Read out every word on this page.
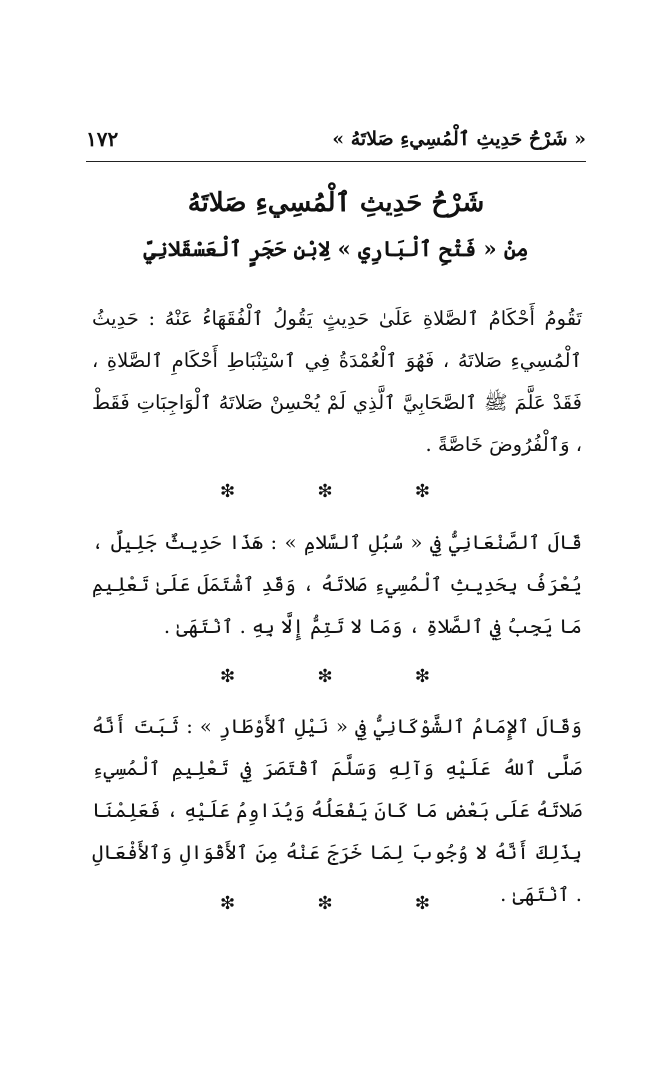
١٧٢	« شَرْحُ حَدِيثِ ٱلْمُسِيءِ صَلاتَهُ »
شَرْحُ حَدِيثِ ٱلْمُسِيءِ صَلاتَهُ
مِنْ « فَتْحِ ٱلْبَارِي » لِابْنِ حَجَرٍ ٱلْعَسْقَلانِيِّ

تَقُومُ أَحْكَامُ ٱلصَّلاةِ عَلَىٰ حَدِيثٍ يَقُولُ ٱلْفُقَهَاءُ عَنْهُ : حَدِيثُ ٱلْمُسِيءِ صَلاتَهُ ، فَهُوَ ٱلْعُمْدَةُ فِي ٱسْتِنْبَاطِ أَحْكَامِ ٱلصَّلاةِ ، فَقَدْ عَلَّمَ ﷺ ٱلصَّحَابِيَّ ٱلَّذِي لَمْ يُحْسِنْ صَلاتَهُ ٱلْوَاجِبَاتِ فَقَطْ ، وَٱلْفُرُوضَ خَاصَّةً .

❇	❇	❇

قَالَ ٱلصَّنْعَانِيُّ فِي « سُبُلِ ٱلسَّلامِ » : هَذَا حَدِيثٌ جَلِيلٌ ، يُعْرَفُ بِحَدِيثِ ٱلْمُسِيءِ صَلاتَهُ ، وَقَدِ ٱشْتَمَلَ عَلَىٰ تَعْلِيمِ مَا يَجِبُ فِي ٱلصَّلاةِ ، وَمَا لا تَتِمُّ إِلَّا بِهِ . ٱنْتَهَىٰ .

❇	❇	❇

وَقَالَ ٱلإِمَامُ ٱلشَّوْكَانِيُّ فِي « نَيْلِ ٱلأَوْطَارِ » : ثَبَتَ أَنَّهُ صَلَّى ٱللهُ عَلَيْهِ وَآلِهِ وَسَلَّمَ ٱقْتَصَرَ فِي تَعْلِيمِ ٱلْمُسِيءِ صَلاتَهُ عَلَى بَعْضِ مَا كَانَ يَفْعَلُهُ وَيُدَاوِمُ عَلَيْهِ ، فَعَلِمْنَا بِذَلِكَ أَنَّهُ لا وُجُوبَ لِمَا خَرَجَ عَنْهُ مِنَ ٱلأَقْوَالِ وَٱلأَفْعَالِ . ٱنْتَهَىٰ .

❇	❇	❇
